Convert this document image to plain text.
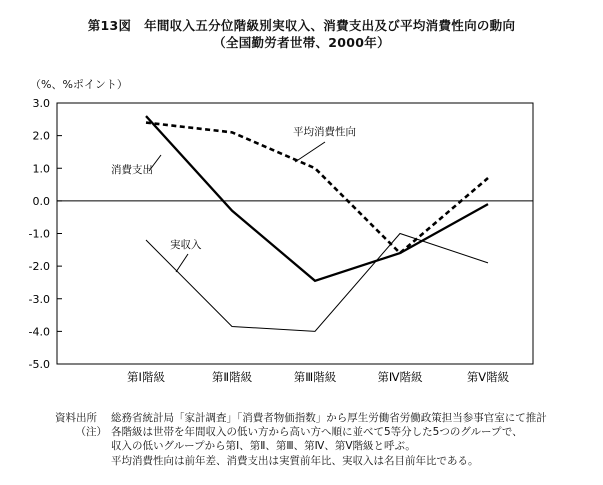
第13図　年間収入五分位階級別実収入、消費支出及び平均消費性向の動向
（全国勤労者世帯、2000年）
（%、%ポイント）
3.0
2.0
1.0
0.0
-1.0
-2.0
-3.0
-4.0
-5.0
第Ⅰ階級	第Ⅱ階級	第Ⅲ階級	第Ⅳ階級	第Ⅴ階級
平均消費性向
消費支出
実収入
資料出所	総務省統計局「家計調査」「消費者物価指数」から厚生労働省労働政策担当参事官室にて推計
（注） 各階級は世帯を年間収入の低い方から高い方へ順に並べて5等分した5つのグループで、
収入の低いグループから第Ⅰ、第Ⅱ、第Ⅲ、第Ⅳ、第Ⅴ階級と呼ぶ。
平均消費性向は前年差、消費支出は実質前年比、実収入は名目前年比である。
